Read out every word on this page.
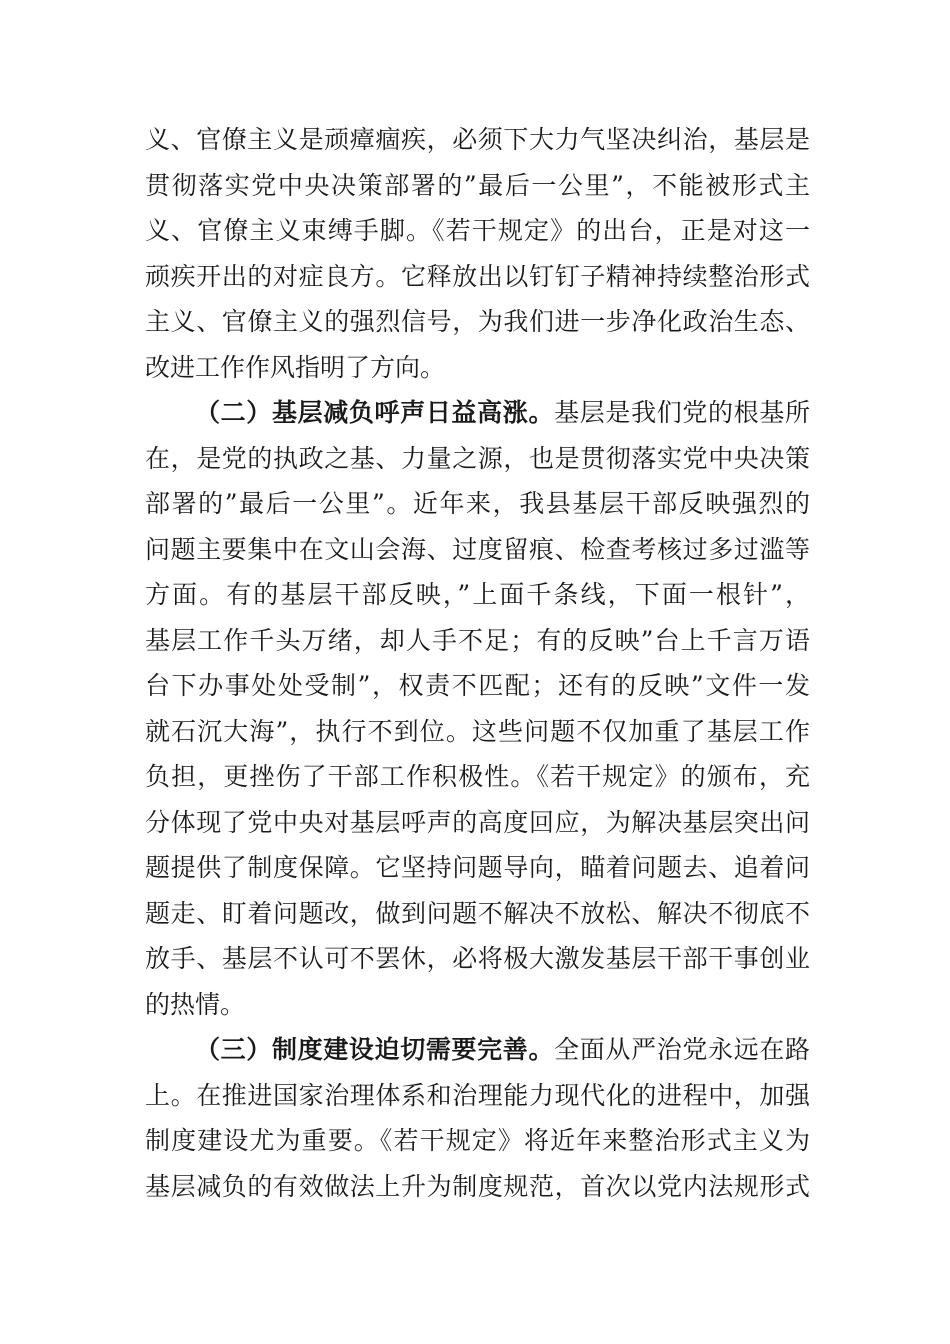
义、官僚主义是顽瘴痼疾，必须下大力气坚决纠治，基层是
贯彻落实党中央决策部署的”最后一公里”，不能被形式主
义、官僚主义束缚手脚。《若干规定》的出台，正是对这一
顽疾开出的对症良方。它释放出以钉钉子精神持续整治形式
主义、官僚主义的强烈信号，为我们进一步净化政治生态、
改进工作作风指明了方向。
（二）基层减负呼声日益高涨。基层是我们党的根基所
在，是党的执政之基、力量之源，也是贯彻落实党中央决策
部署的”最后一公里”。近年来，我县基层干部反映强烈的
问题主要集中在文山会海、过度留痕、检查考核过多过滥等
方面。有的基层干部反映，”上面千条线，下面一根针”，
基层工作千头万绪，却人手不足；有的反映”台上千言万语
台下办事处处受制”，权责不匹配；还有的反映”文件一发
就石沉大海”，执行不到位。这些问题不仅加重了基层工作
负担，更挫伤了干部工作积极性。《若干规定》的颁布，充
分体现了党中央对基层呼声的高度回应，为解决基层突出问
题提供了制度保障。它坚持问题导向，瞄着问题去、追着问
题走、盯着问题改，做到问题不解决不放松、解决不彻底不
放手、基层不认可不罢休，必将极大激发基层干部干事创业
的热情。
（三）制度建设迫切需要完善。全面从严治党永远在路
上。在推进国家治理体系和治理能力现代化的进程中，加强
制度建设尤为重要。《若干规定》将近年来整治形式主义为
基层减负的有效做法上升为制度规范，首次以党内法规形式
